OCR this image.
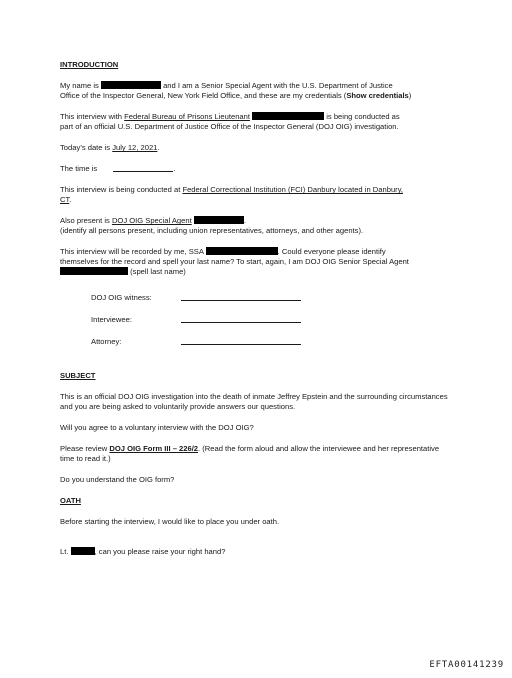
INTRODUCTION

My name is	and I am a Senior Special Agent with the U.S. Department of Justice
Office of the Inspector General, New York Field Office, and these are my credentials (Show credentials)

This interview with Federal Bureau of Prisons Lieutenant	is being conducted as
part of an official U.S. Department of Justice Office of the Inspector General (DOJ OIG) investigation.

Today’s date is July 12, 2021.

The time is	.

This interview is being conducted at Federal Correctional Institution (FCI) Danbury located in Danbury,
CT.

Also present is DOJ OIG Special Agent	.
(identify all persons present, including union representatives, attorneys, and other agents).

This interview will be recorded by me, SSA	. Could everyone please identify
themselves for the record and spell your last name? To start, again, I am DOJ OIG Senior Special Agent
(spell last name)

DOJ OIG witness:
Interviewee:
Attorney:

SUBJECT

This is an official DOJ OIG investigation into the death of inmate Jeffrey Epstein and the surrounding circumstances and you are being asked to voluntarily provide answers our questions.

Will you agree to a voluntary interview with the DOJ OIG?

Please review DOJ OIG Form III – 226/2. (Read the form aloud and allow the interviewee and her representative time to read it.)

Do you understand the OIG form?

OATH

Before starting the interview, I would like to place you under oath.

Lt.	, can you please raise your right hand?

EFTA00141239
